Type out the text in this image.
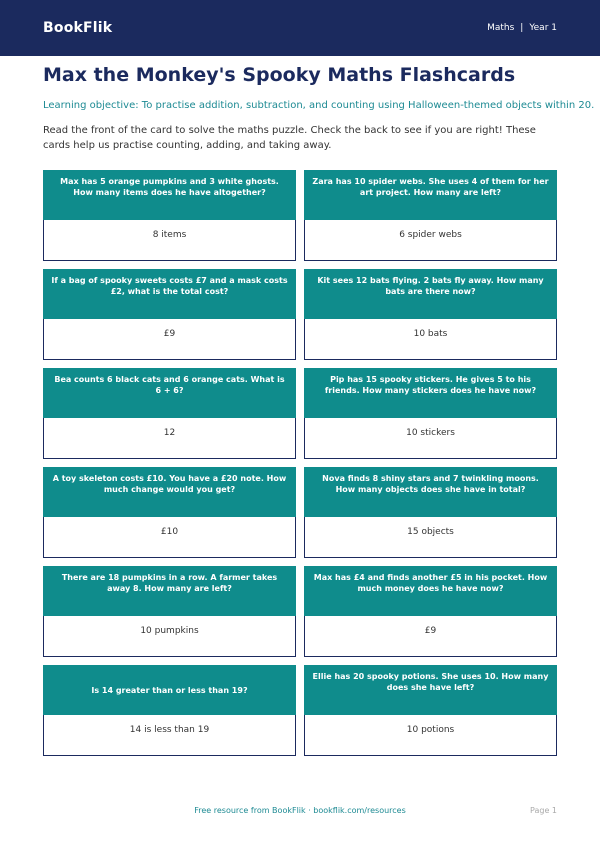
BookFlik	Maths | Year 1
Max the Monkey's Spooky Maths Flashcards
Learning objective: To practise addition, subtraction, and counting using Halloween-themed objects within 20.
Read the front of the card to solve the maths puzzle. Check the back to see if you are right! These cards help us practise counting, adding, and taking away.
Max has 5 orange pumpkins and 3 white ghosts. How many items does he have altogether?
8 items
Zara has 10 spider webs. She uses 4 of them for her art project. How many are left?
6 spider webs
If a bag of spooky sweets costs £7 and a mask costs £2, what is the total cost?
£9
Kit sees 12 bats flying. 2 bats fly away. How many bats are there now?
10 bats
Bea counts 6 black cats and 6 orange cats. What is 6 + 6?
12
Pip has 15 spooky stickers. He gives 5 to his friends. How many stickers does he have now?
10 stickers
A toy skeleton costs £10. You have a £20 note. How much change would you get?
£10
Nova finds 8 shiny stars and 7 twinkling moons. How many objects does she have in total?
15 objects
There are 18 pumpkins in a row. A farmer takes away 8. How many are left?
10 pumpkins
Max has £4 and finds another £5 in his pocket. How much money does he have now?
£9
Is 14 greater than or less than 19?
14 is less than 19
Ellie has 20 spooky potions. She uses 10. How many does she have left?
10 potions
Free resource from BookFlik · bookflik.com/resources	Page 1
